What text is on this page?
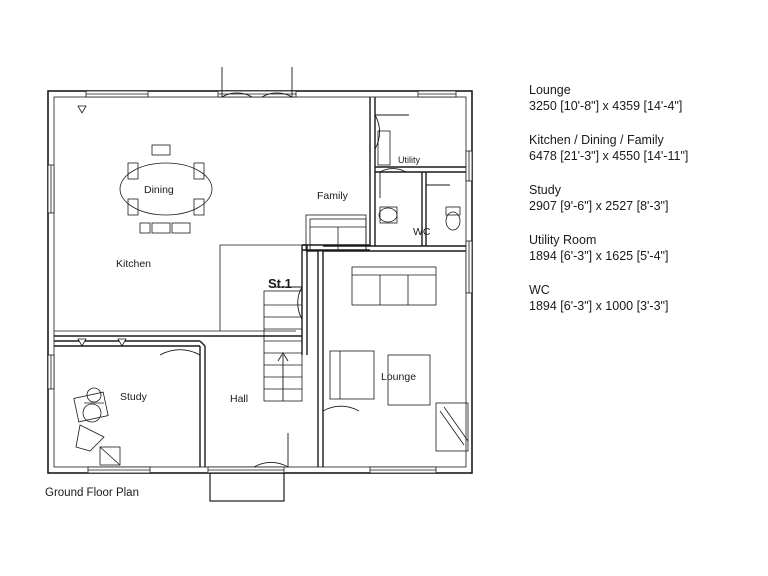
Dining
Kitchen
Family
Utility
WC
Lounge
Hall
Study
St.1
Lounge
3250 [10'-8"] x 4359 [14'-4"]
Kitchen / Dining / Family
6478 [21'-3"] x 4550 [14'-11"]
Study
2907 [9'-6"] x 2527 [8'-3"]
Utility Room
1894 [6'-3"] x 1625 [5'-4"]
WC
1894 [6'-3"] x 1000 [3'-3"]
Ground Floor Plan
